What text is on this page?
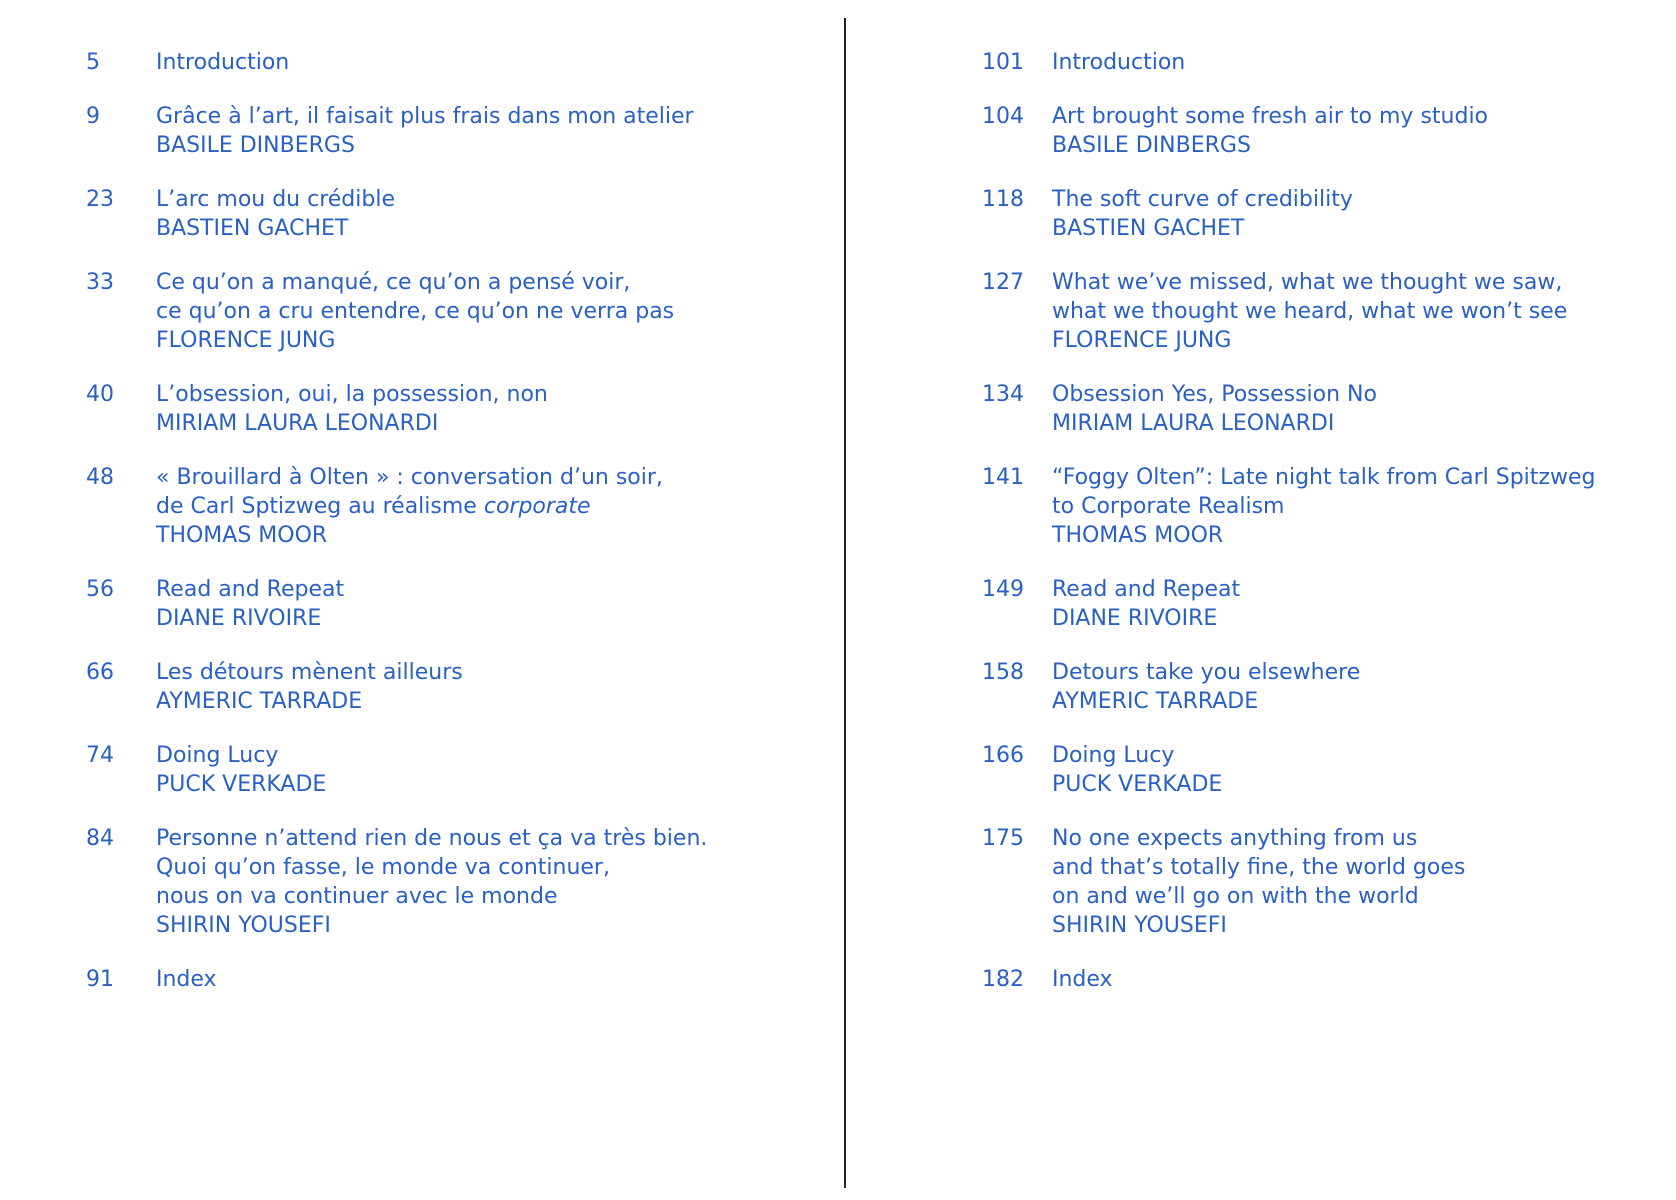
5	Introduction
9	Grâce à l’art, il faisait plus frais dans mon atelier
BASILE DINBERGS
23	L’arc mou du crédible
BASTIEN GACHET
33	Ce qu’on a manqué, ce qu’on a pensé voir,
ce qu’on a cru entendre, ce qu’on ne verra pas
FLORENCE JUNG
40	L’obsession, oui, la possession, non
MIRIAM LAURA LEONARDI
48	« Brouillard à Olten » : conversation d’un soir,
de Carl Sptizweg au réalisme corporate
THOMAS MOOR
56	Read and Repeat
DIANE RIVOIRE
66	Les détours mènent ailleurs
AYMERIC TARRADE
74	Doing Lucy
PUCK VERKADE
84	Personne n’attend rien de nous et ça va très bien.
Quoi qu’on fasse, le monde va continuer,
nous on va continuer avec le monde
SHIRIN YOUSEFI
91	Index
101	Introduction
104	Art brought some fresh air to my studio
BASILE DINBERGS
118	The soft curve of credibility
BASTIEN GACHET
127	What we’ve missed, what we thought we saw,
what we thought we heard, what we won’t see
FLORENCE JUNG
134	Obsession Yes, Possession No
MIRIAM LAURA LEONARDI
141	“Foggy Olten”: Late night talk from Carl Spitzweg
to Corporate Realism
THOMAS MOOR
149	Read and Repeat
DIANE RIVOIRE
158	Detours take you elsewhere
AYMERIC TARRADE
166	Doing Lucy
PUCK VERKADE
175	No one expects anything from us
and that’s totally fine, the world goes
on and we’ll go on with the world
SHIRIN YOUSEFI
182	Index
